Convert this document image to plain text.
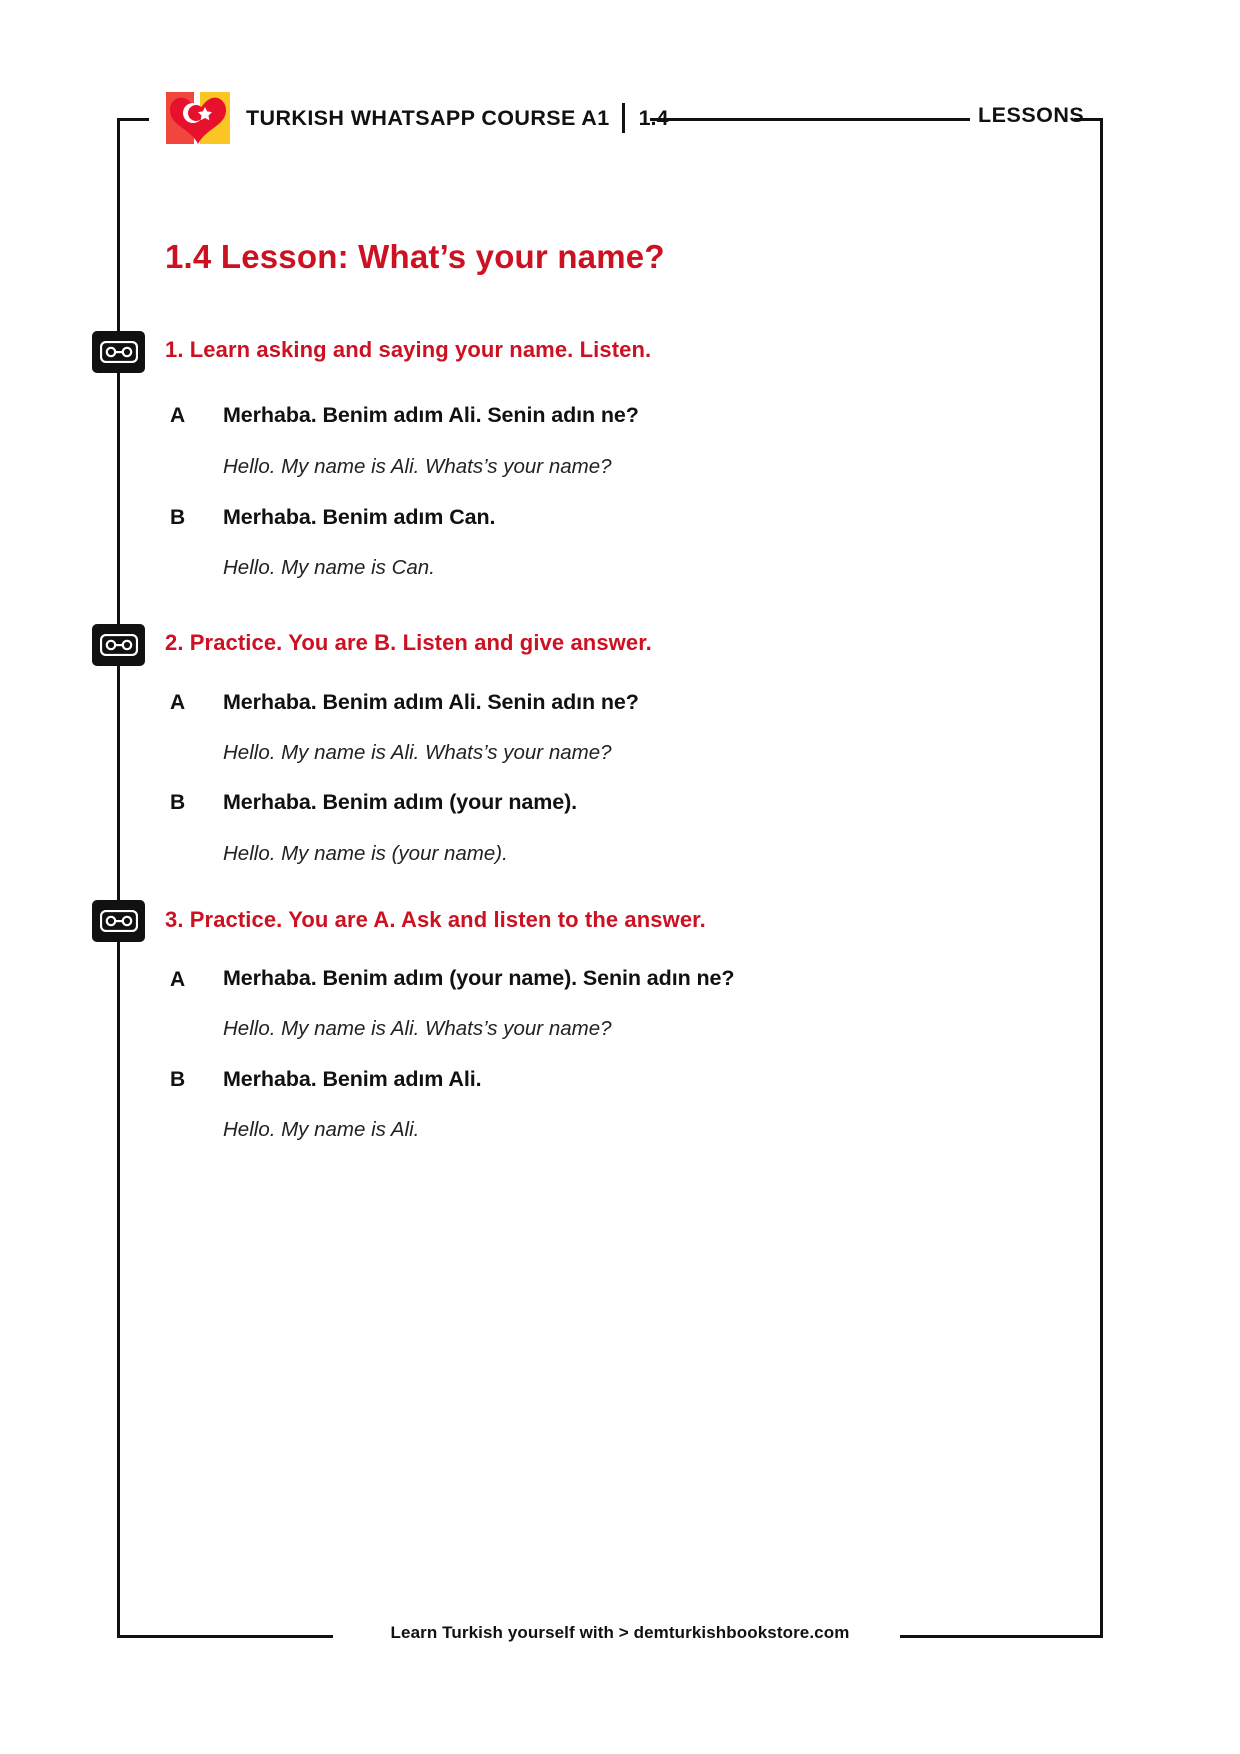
TURKISH WHATSAPP COURSE A1 1.4	LESSONS
1.4 Lesson: What’s your name?
1. Learn asking and saying your name. Listen.
A Merhaba. Benim adım Ali. Senin adın ne?
Hello. My name is Ali. Whats’s your name?
B Merhaba. Benim adım Can.
Hello. My name is Can.
2. Practice. You are B. Listen and give answer.
A Merhaba. Benim adım Ali. Senin adın ne?
Hello. My name is Ali. Whats’s your name?
B Merhaba. Benim adım (your name).
Hello. My name is (your name).
3. Practice. You are A. Ask and listen to the answer.
A Merhaba. Benim adım (your name). Senin adın ne?
Hello. My name is Ali. Whats’s your name?
B Merhaba. Benim adım Ali.
Hello. My name is Ali.
Learn Turkish yourself with > demturkishbookstore.com
